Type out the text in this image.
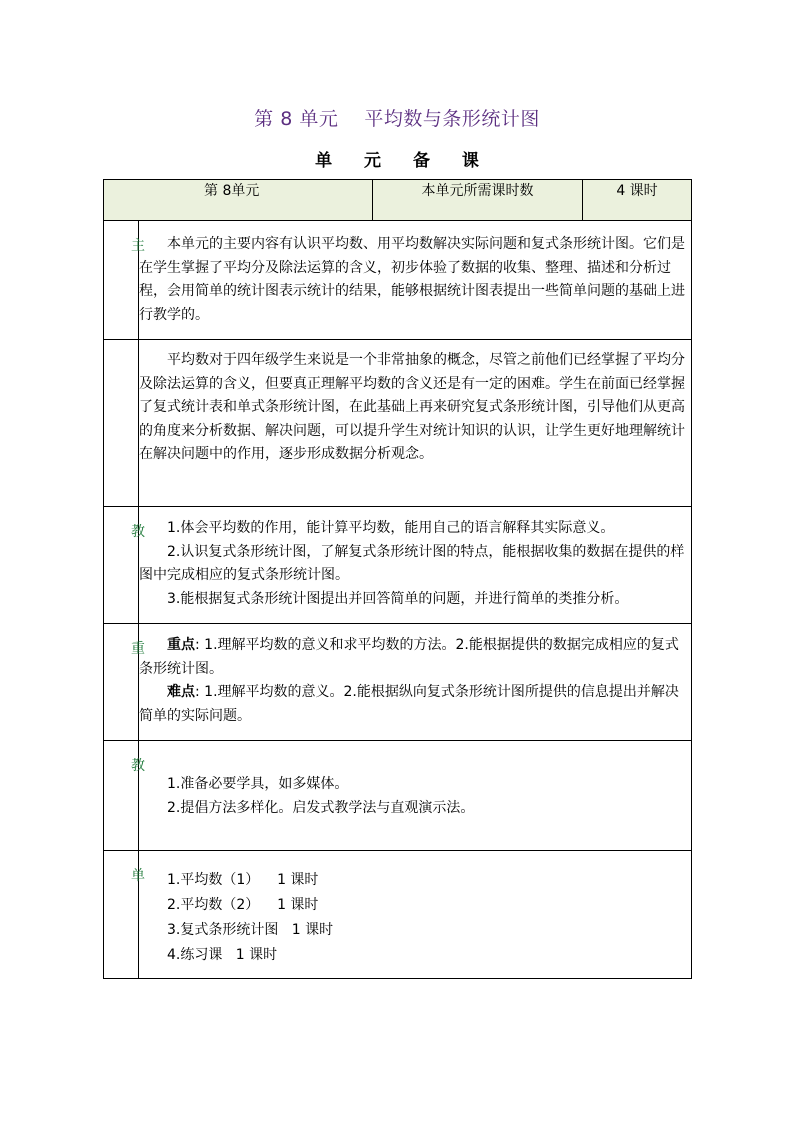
第 8 单元 平均数与条形统计图
单 元 备 课
第 8单元		本单元所需课时数	4 课时

主	本单元的主要内容有认识平均数、用平均数解决实际问题和复式条形统计图。它们是在学生掌握了平均分及除法运算的含义，初步体验了数据的收集、整理、描述和分析过程，会用简单的统计图表示统计的结果，能够根据统计图表提出一些简单问题的基础上进行教学的。		

	平均数对于四年级学生来说是一个非常抽象的概念，尽管之前他们已经掌握了平均分及除法运算的含义，但要真正理解平均数的含义还是有一定的困难。学生在前面已经掌握了复式统计表和单式条形统计图，在此基础上再来研究复式条形统计图，引导他们从更高的角度来分析数据、解决问题，可以提升学生对统计知识的认识，让学生更好地理解统计在解决问题中的作用，逐步形成数据分析观念。		

教	1.体会平均数的作用，能计算平均数，能用自己的语言解释其实际意义。

2.认识复式条形统计图，了解复式条形统计图的特点，能根据收集的数据在提供的样图中完成相应的复式条形统计图。

3.能根据复式条形统计图提出并回答简单的问题，并进行简单的类推分析。		

重	重点: 1.理解平均数的意义和求平均数的方法。2.能根据提供的数据完成相应的复式条形统计图。

难点: 1.理解平均数的意义。2.能根据纵向复式条形统计图所提供的信息提出并解决简单的实际问题。		

教	1.准备必要学具，如多媒体。

2.提倡方法多样化。启发式教学法与直观演示法。		

单	1.平均数（1）    1 课时

2.平均数（2）    1 课时

3.复式条形统计图   1 课时

4.练习课   1 课时		
